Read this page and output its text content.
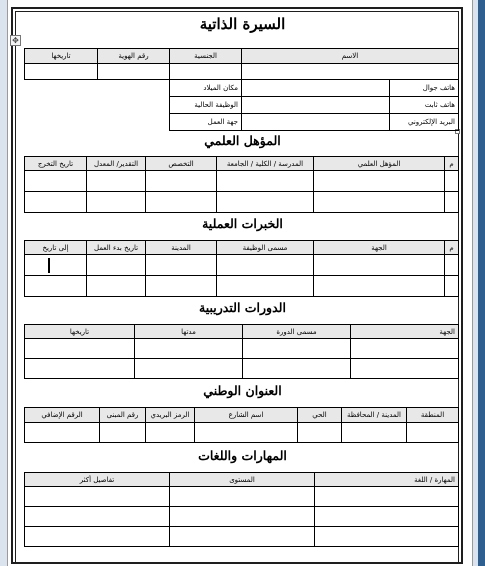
✥
السيرة الذاتية
الاسم		الجنسية	رقم الهوية	تاريخها

هاتف جوال		مكان الميلاد		
هاتف ثابت		الوظيفة الحالية		
البريد الإلكتروني		جهة العمل		
المؤهل العلمي
م	المؤهل العلمي	المدرسة / الكلية / الجامعة	التخصص	التقدير/ المعدل	تاريخ التخرج

الخبرات العملية
م	الجهة	مسمى الوظيفة	المدينة	تاريخ بدء العمل	إلى تاريخ

الدورات التدريبية
الجهة	مسمى الدورة	مدتها	تاريخها

العنوان الوطني
المنطقة	المدينة / المحافظة	الحي	اسم الشارع	الرمز البريدي	رقم المبنى	الرقم الإضافي

المهارات واللغات
المهارة / اللغة	المستوى	تفاصيل أكثر
